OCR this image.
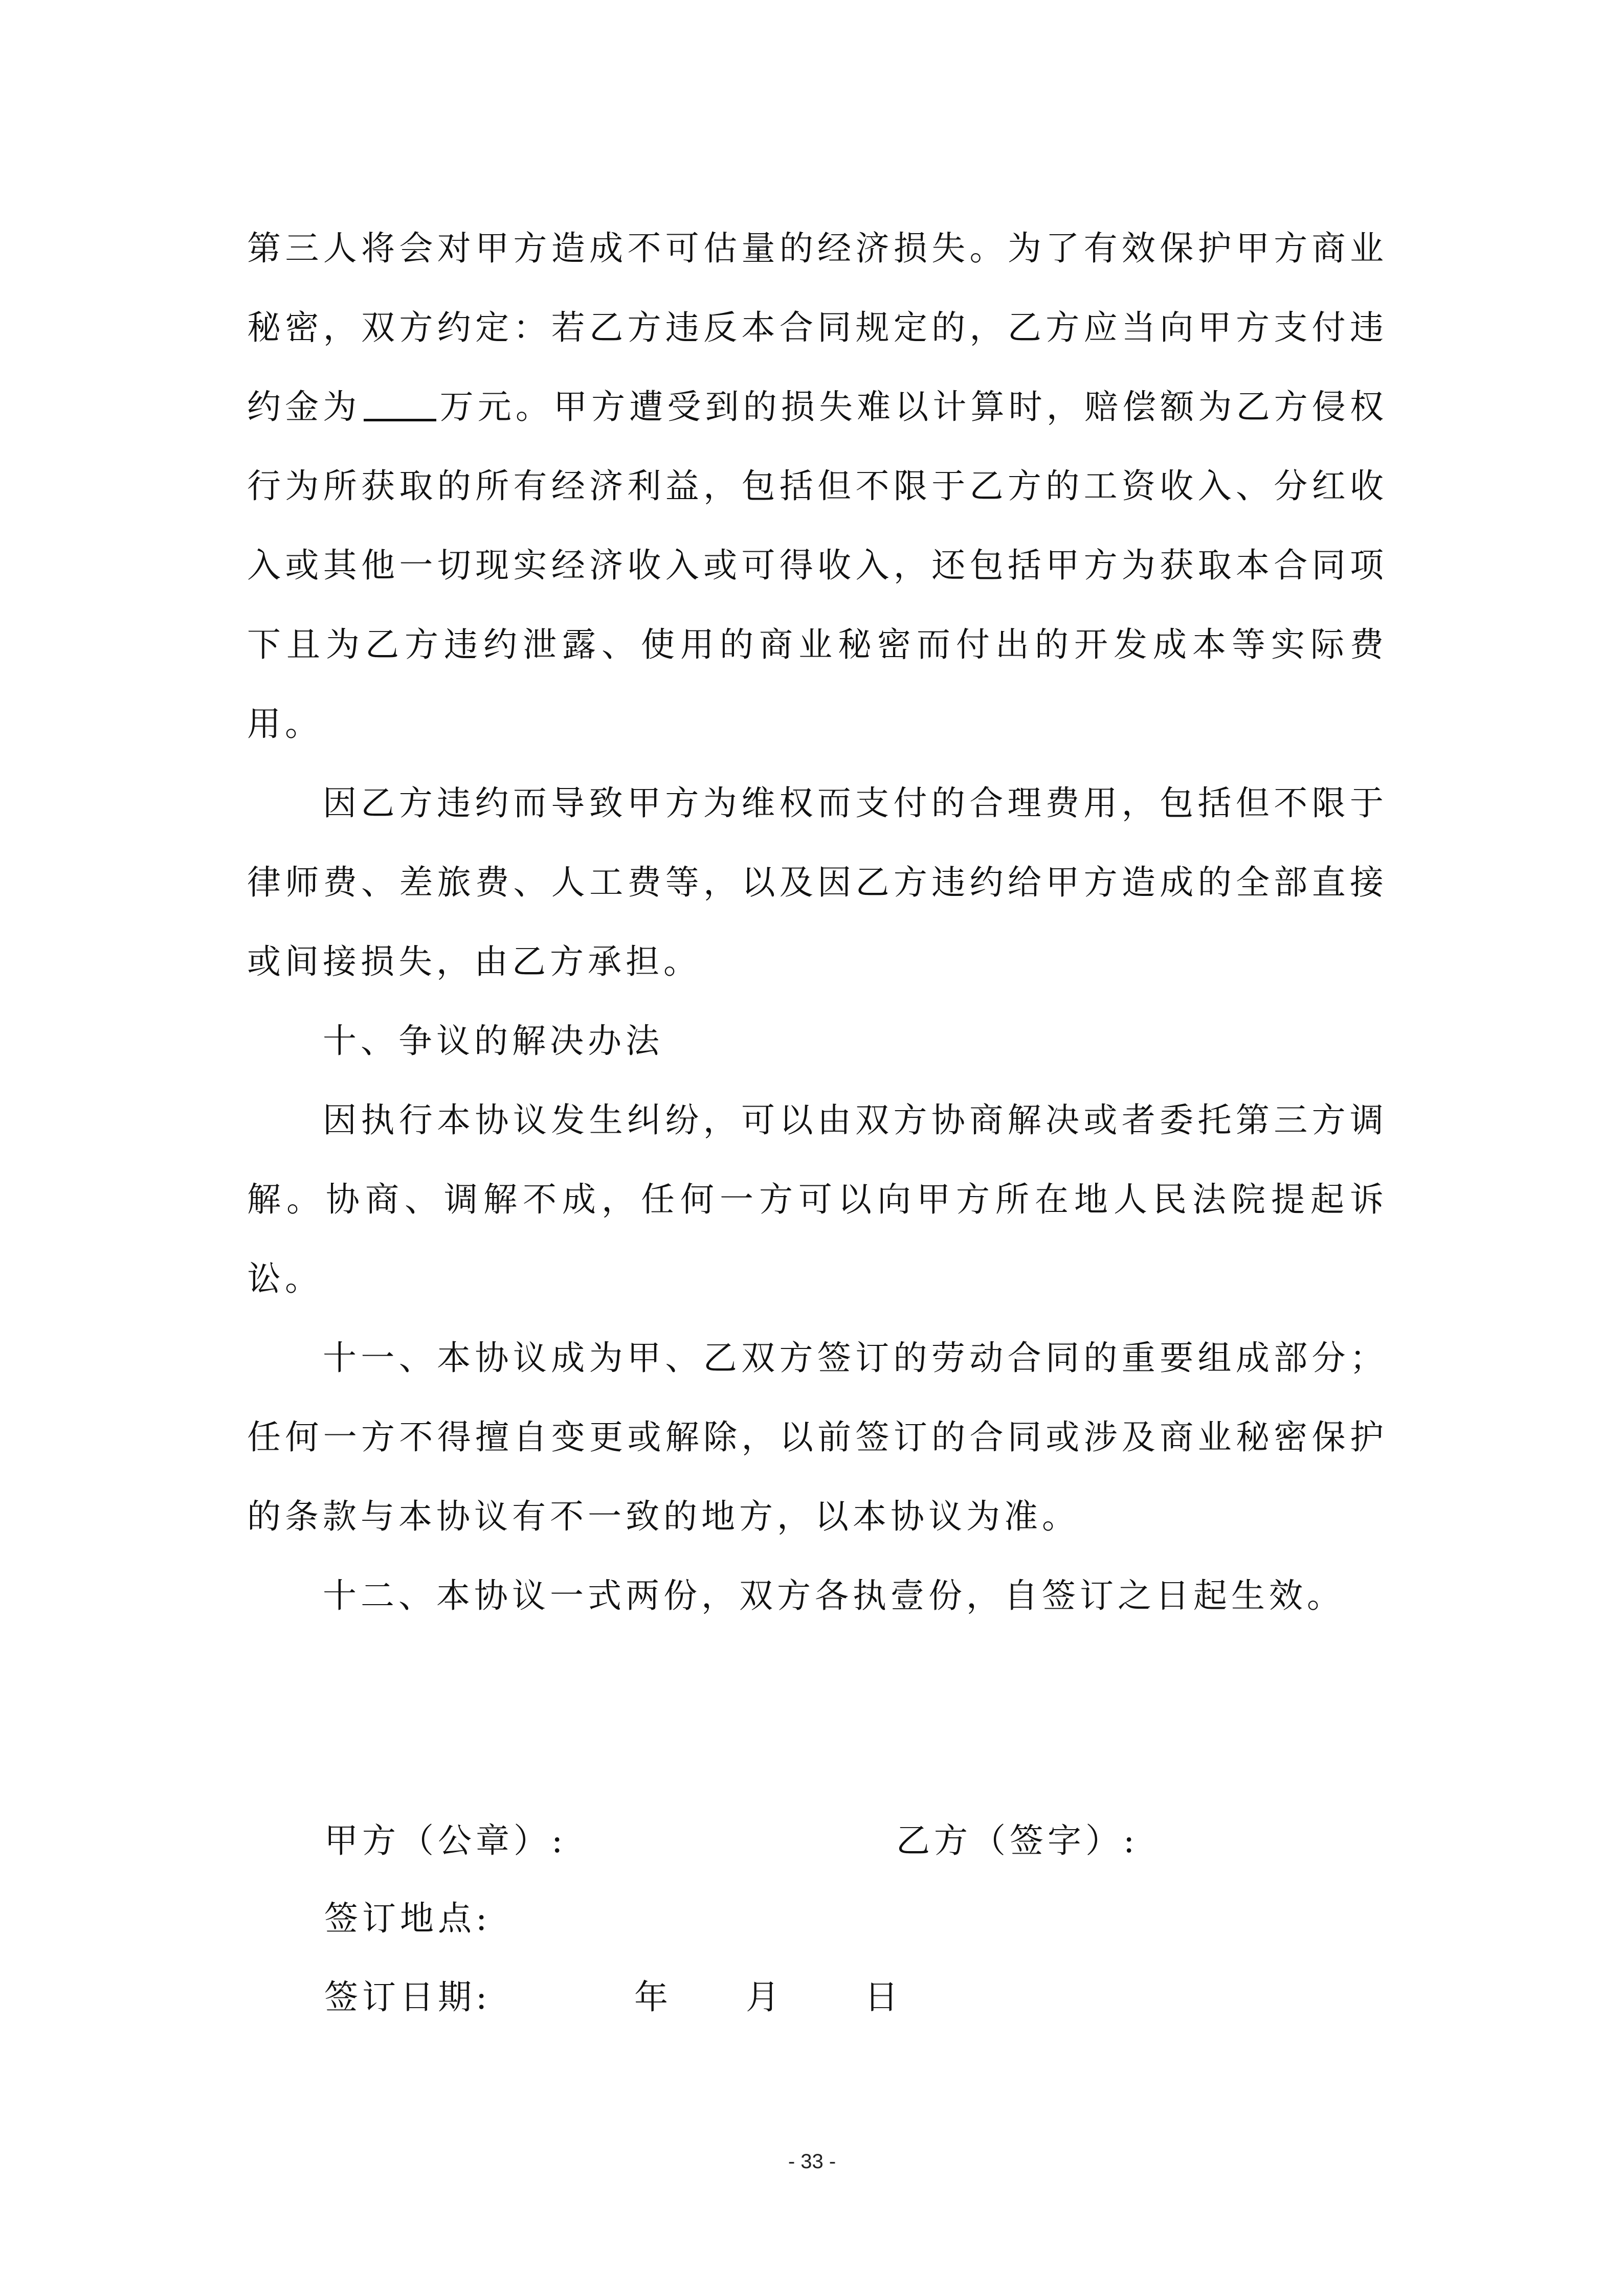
第三人将会对甲方造成不可估量的经济损失。为了有效保护甲方商业秘密，双方约定：若乙方违反本合同规定的，乙方应当向甲方支付违约金为 万元。甲方遭受到的损失难以计算时，赔偿额为乙方侵权行为所获取的所有经济利益，包括但不限于乙方的工资收入、分红收入或其他一切现实经济收入或可得收入，还包括甲方为获取本合同项下且为乙方违约泄露、使用的商业秘密而付出的开发成本等实际费用。

因乙方违约而导致甲方为维权而支付的合理费用，包括但不限于律师费、差旅费、人工费等，以及因乙方违约给甲方造成的全部直接或间接损失，由乙方承担。

十、争议的解决办法

因执行本协议发生纠纷，可以由双方协商解决或者委托第三方调解。协商、调解不成，任何一方可以向甲方所在地人民法院提起诉讼。

十一、本协议成为甲、乙双方签订的劳动合同的重要组成部分；任何一方不得擅自变更或解除，以前签订的合同或涉及商业秘密保护的条款与本协议有不一致的地方，以本协议为准。

十二、本协议一式两份，双方各执壹份，自签订之日起生效。

甲方（公章）:	乙方（签字）:
签订地点:
签订日期:	年 月 日
- 33 -
